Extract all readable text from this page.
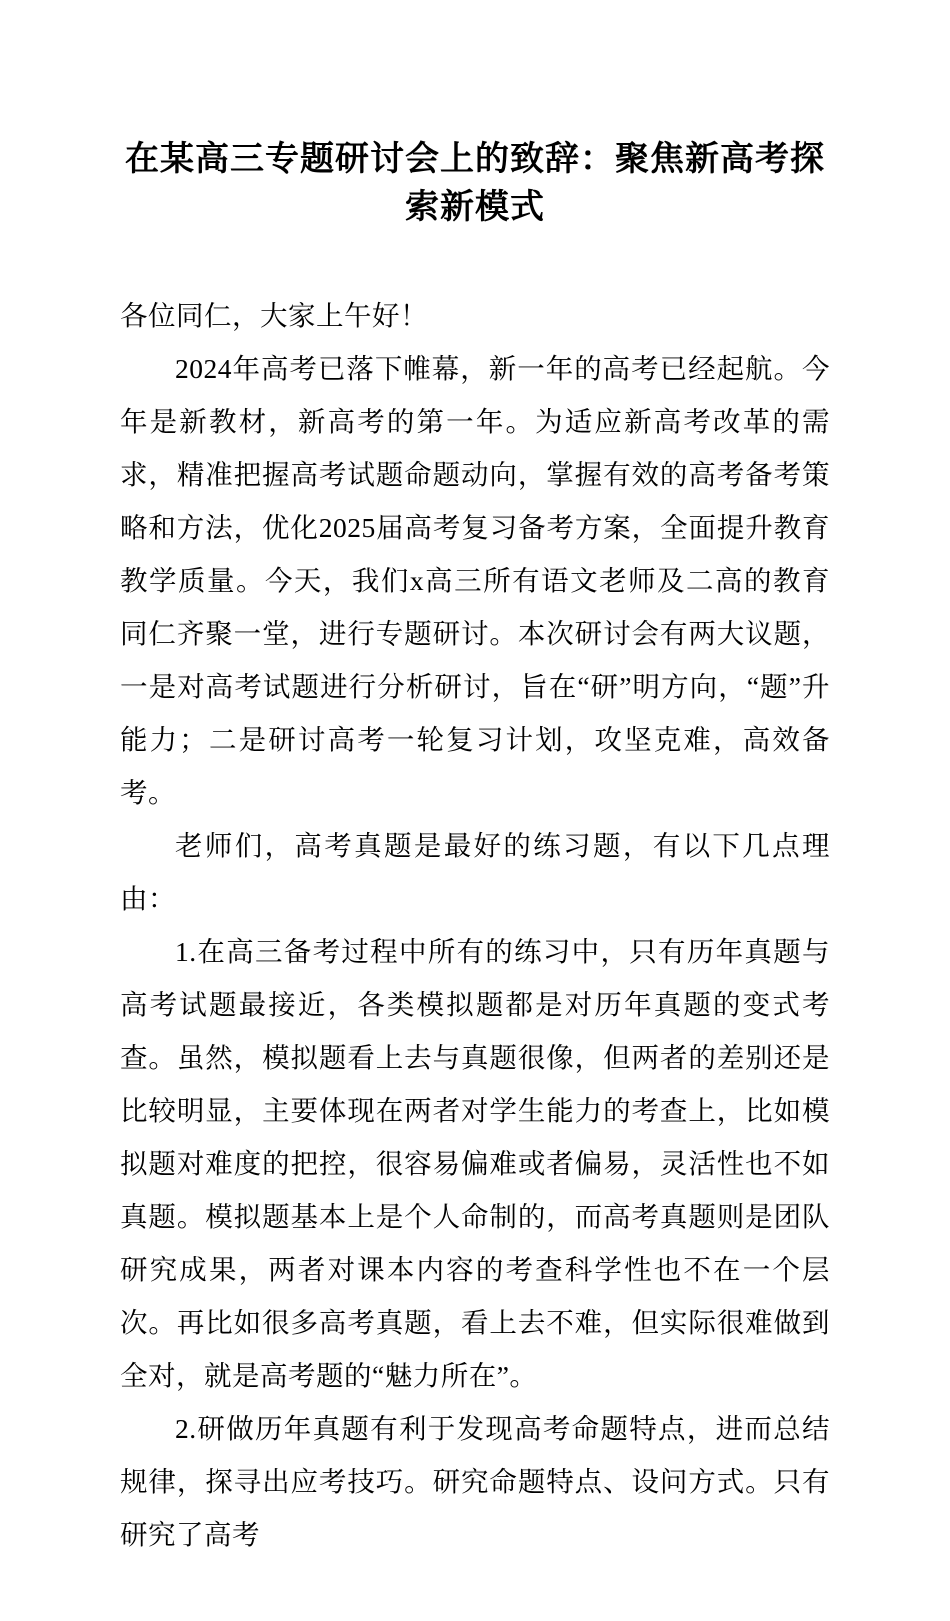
在某高三专题研讨会上的致辞：聚焦新高考探索新模式

各位同仁，大家上午好！

2024年高考已落下帷幕，新一年的高考已经起航。今年是新教材，新高考的第一年。为适应新高考改革的需求，精准把握高考试题命题动向，掌握有效的高考备考策略和方法，优化2025届高考复习备考方案，全面提升教育教学质量。今天，我们x高三所有语文老师及二高的教育同仁齐聚一堂，进行专题研讨。本次研讨会有两大议题，一是对高考试题进行分析研讨，旨在“研”明方向，“题”升能力；二是研讨高考一轮复习计划，攻坚克难，高效备考。

老师们，高考真题是最好的练习题，有以下几点理由：

1.在高三备考过程中所有的练习中，只有历年真题与高考试题最接近，各类模拟题都是对历年真题的变式考查。虽然，模拟题看上去与真题很像，但两者的差别还是比较明显，主要体现在两者对学生能力的考查上，比如模拟题对难度的把控，很容易偏难或者偏易，灵活性也不如真题。模拟题基本上是个人命制的，而高考真题则是团队研究成果，两者对课本内容的考查科学性也不在一个层次。再比如很多高考真题，看上去不难，但实际很难做到全对，就是高考题的“魅力所在”。

2.研做历年真题有利于发现高考命题特点，进而总结规律，探寻出应考技巧。研究命题特点、设问方式。只有研究了高考
